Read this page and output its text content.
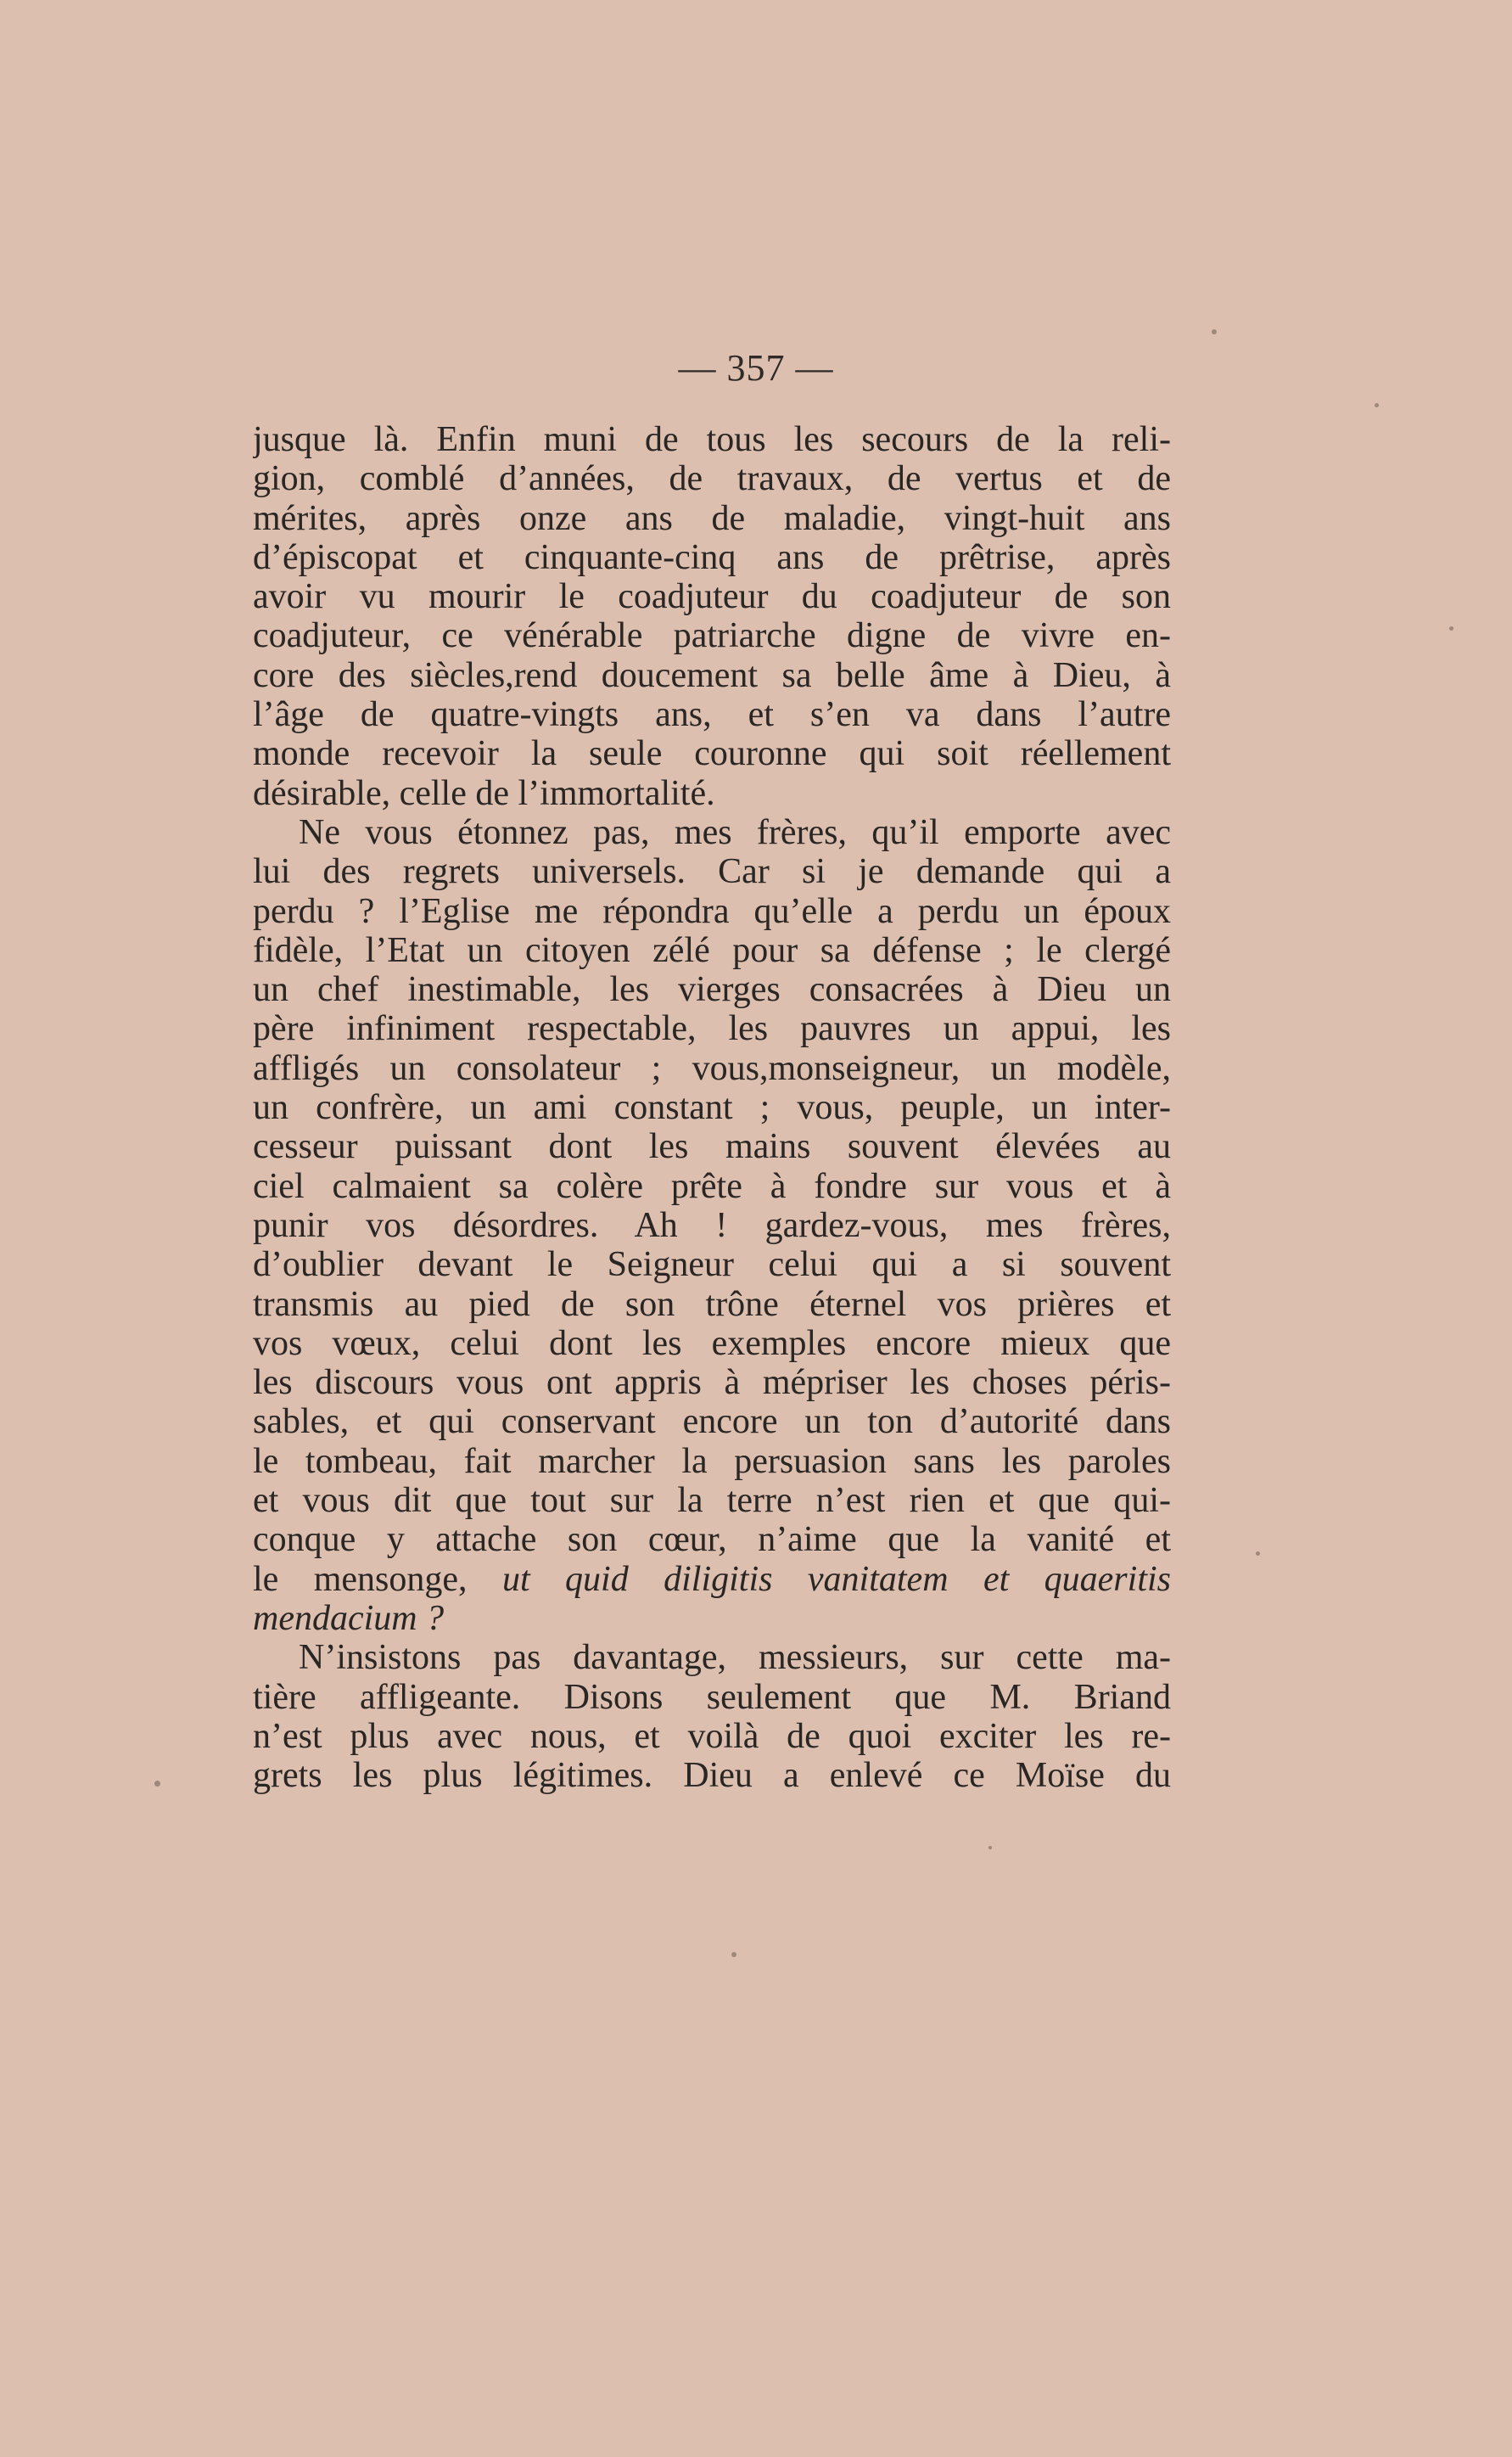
— 357 —
jusque là. Enfin muni de tous les secours de la reli-
gion, comblé d’années, de travaux, de vertus et de
mérites, après onze ans de maladie, vingt-huit ans
d’épiscopat et cinquante-cinq ans de prêtrise, après
avoir vu mourir le coadjuteur du coadjuteur de son
coadjuteur, ce vénérable patriarche digne de vivre en-
core des siècles,rend doucement sa belle âme à Dieu, à
l’âge de quatre-vingts ans, et s’en va dans l’autre
monde recevoir la seule couronne qui soit réellement
désirable, celle de l’immortalité.
Ne vous étonnez pas, mes frères, qu’il emporte avec
lui des regrets universels. Car si je demande qui a
perdu ? l’Eglise me répondra qu’elle a perdu un époux
fidèle, l’Etat un citoyen zélé pour sa défense ; le clergé
un chef inestimable, les vierges consacrées à Dieu un
père infiniment respectable, les pauvres un appui, les
affligés un consolateur ; vous,monseigneur, un modèle,
un confrère, un ami constant ; vous, peuple, un inter-
cesseur puissant dont les mains souvent élevées au
ciel calmaient sa colère prête à fondre sur vous et à
punir vos désordres. Ah ! gardez-vous, mes frères,
d’oublier devant le Seigneur celui qui a si souvent
transmis au pied de son trône éternel vos prières et
vos vœux, celui dont les exemples encore mieux que
les discours vous ont appris à mépriser les choses péris-
sables, et qui conservant encore un ton d’autorité dans
le tombeau, fait marcher la persuasion sans les paroles
et vous dit que tout sur la terre n’est rien et que qui-
conque y attache son cœur, n’aime que la vanité et
le mensonge, ut quid diligitis vanitatem et quaeritis
mendacium ?
N’insistons pas davantage, messieurs, sur cette ma-
tière affligeante. Disons seulement que M. Briand
n’est plus avec nous, et voilà de quoi exciter les re-
grets les plus légitimes. Dieu a enlevé ce Moïse du
